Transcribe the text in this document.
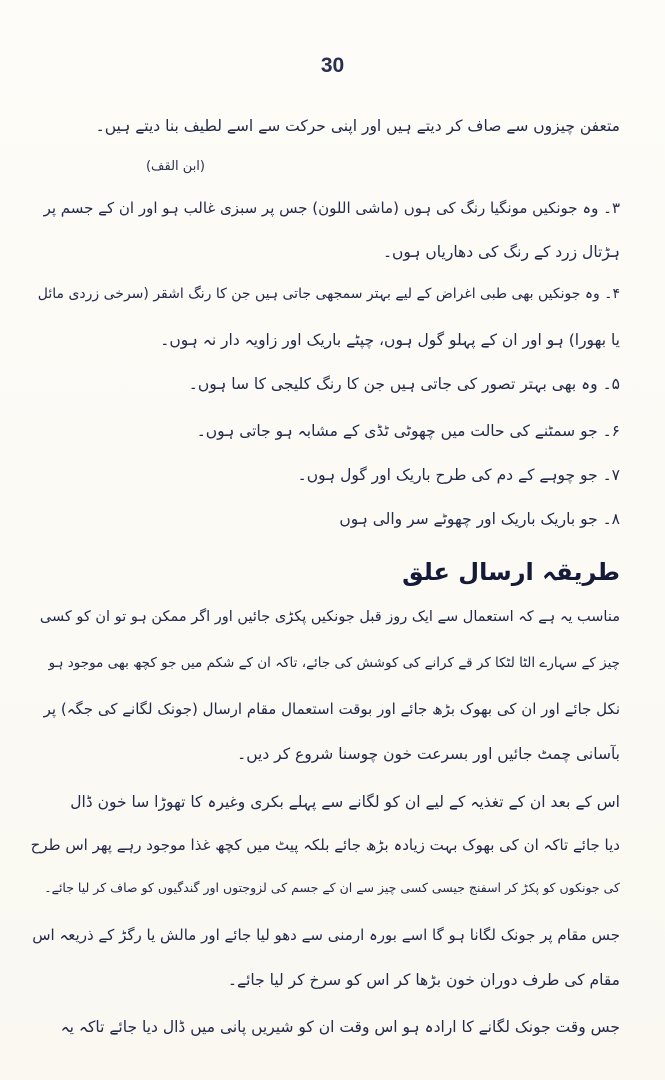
30
متعفن چیزوں سے صاف کر دیتے ہیں اور اپنی حرکت سے اسے لطیف بنا دیتے ہیں۔
(ابن القف)
۳۔ وہ جونکیں مونگیا رنگ کی ہوں (ماشی اللون) جس پر سبزی غالب ہو اور ان کے جسم پر
ہڑتال زرد کے رنگ کی دھاریاں ہوں۔
۴۔ وہ جونکیں بھی طبی اغراض کے لیے بہتر سمجھی جاتی ہیں جن کا رنگ اشقر (سرخی زردی مائل
یا بھورا) ہو اور ان کے پہلو گول ہوں، چپٹے باریک اور زاویہ دار نہ ہوں۔
۵۔ وہ بھی بہتر تصور کی جاتی ہیں جن کا رنگ کلیجی کا سا ہوں۔
۶۔ جو سمٹنے کی حالت میں چھوٹی ٹڈی کے مشابہ ہو جاتی ہوں۔
۷۔ جو چوہے کے دم کی طرح باریک اور گول ہوں۔
۸۔ جو باریک باریک اور چھوٹے سر والی ہوں
طریقہ ارسال علق
مناسب یہ ہے کہ استعمال سے ایک روز قبل جونکیں پکڑی جائیں اور اگر ممکن ہو تو ان کو کسی
چیز کے سہارے الٹا لٹکا کر قے کرانے کی کوشش کی جائے، تاکہ ان کے شکم میں جو کچھ بھی موجود ہو
نکل جائے اور ان کی بھوک بڑھ جائے اور بوقت استعمال مقام ارسال (جونک لگانے کی جگہ) پر
بآسانی چمٹ جائیں اور بسرعت خون چوسنا شروع کر دیں۔
اس کے بعد ان کے تغذیہ کے لیے ان کو لگانے سے پہلے بکری وغیرہ کا تھوڑا سا خون ڈال
دیا جائے تاکہ ان کی بھوک بہت زیادہ بڑھ جائے بلکہ پیٹ میں کچھ غذا موجود رہے پھر اس طرح
کی جونکوں کو پکڑ کر اسفنج جیسی کسی چیز سے ان کے جسم کی لزوجتوں اور گندگیوں کو صاف کر لیا جائے۔
جس مقام پر جونک لگانا ہو گا اسے بورہ ارمنی سے دھو لیا جائے اور مالش یا رگڑ کے ذریعہ اس
مقام کی طرف دوران خون بڑھا کر اس کو سرخ کر لیا جائے۔
جس وقت جونک لگانے کا ارادہ ہو اس وقت ان کو شیریں پانی میں ڈال دیا جائے تاکہ یہ
